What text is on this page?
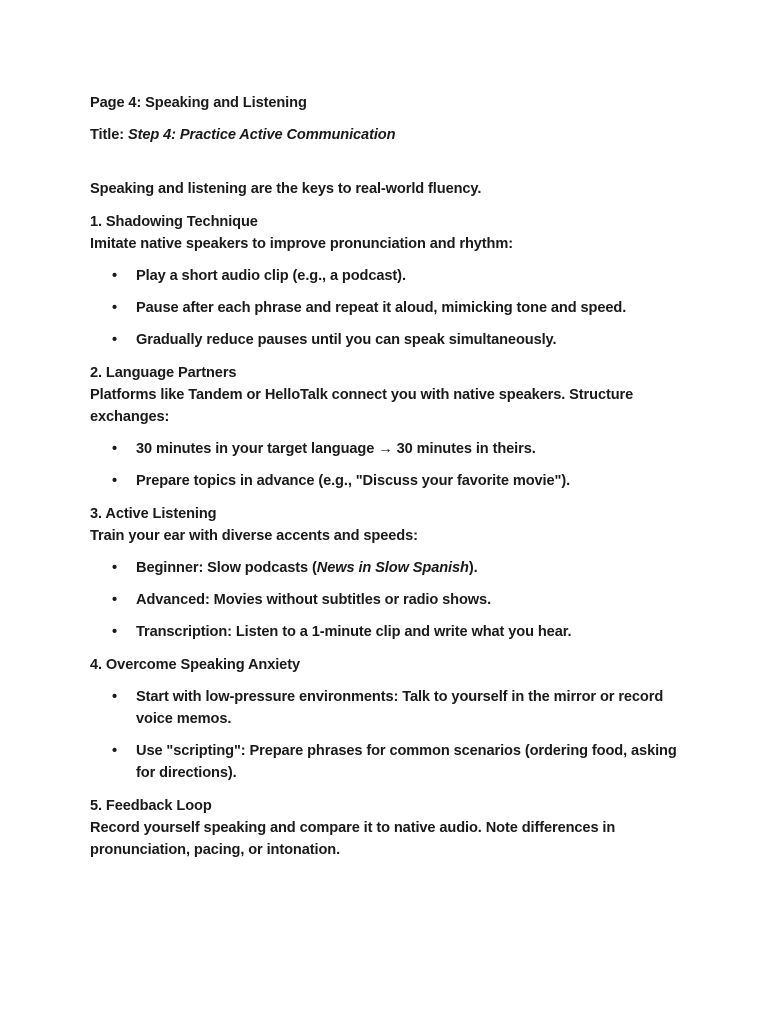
Page 4: Speaking and Listening
Title: Step 4: Practice Active Communication
Speaking and listening are the keys to real-world fluency.
1. Shadowing Technique
Imitate native speakers to improve pronunciation and rhythm:
• Play a short audio clip (e.g., a podcast).
• Pause after each phrase and repeat it aloud, mimicking tone and speed.
• Gradually reduce pauses until you can speak simultaneously.
2. Language Partners
Platforms like Tandem or HelloTalk connect you with native speakers. Structure exchanges:
• 30 minutes in your target language → 30 minutes in theirs.
• Prepare topics in advance (e.g., "Discuss your favorite movie").
3. Active Listening
Train your ear with diverse accents and speeds:
• Beginner: Slow podcasts (News in Slow Spanish).
• Advanced: Movies without subtitles or radio shows.
• Transcription: Listen to a 1-minute clip and write what you hear.
4. Overcome Speaking Anxiety
• Start with low-pressure environments: Talk to yourself in the mirror or record voice memos.
• Use "scripting": Prepare phrases for common scenarios (ordering food, asking for directions).
5. Feedback Loop
Record yourself speaking and compare it to native audio. Note differences in pronunciation, pacing, or intonation.
